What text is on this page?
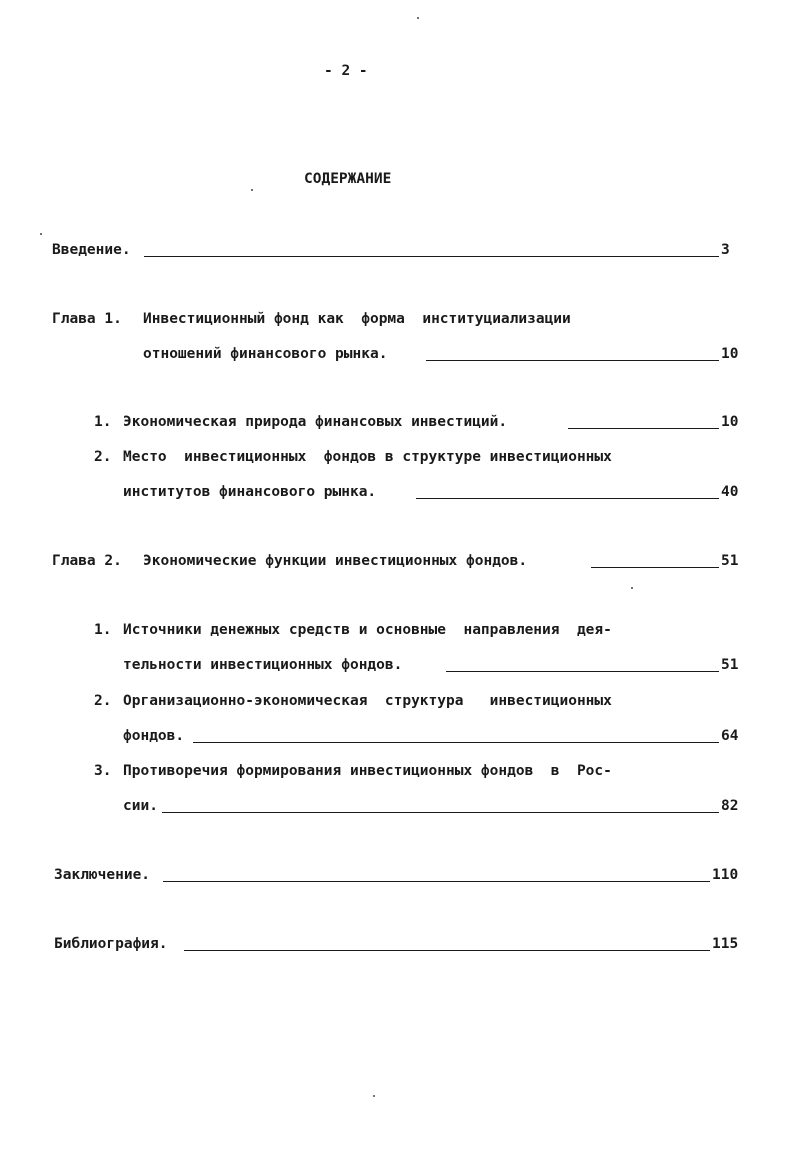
- 2 -
СОДЕРЖАНИЕ
Введение.	3
Глава 1. Инвестиционный фонд как  форма  институциализации
отношений финансового рынка.	10
1. Экономическая природа финансовых инвестиций.	10
2. Место  инвестиционных  фондов в структуре инвестиционных
институтов финансового рынка.	40
Глава 2. Экономические функции инвестиционных фондов.	51
1. Источники денежных средств и основные  направления  дея-
тельности инвестиционных фондов.	51
2. Организационно-экономическая  структура   инвестиционных
фондов.	64
3. Противоречия формирования инвестиционных фондов  в  Рос-
сии.	82
Заключение.	110
Библиография.	115
